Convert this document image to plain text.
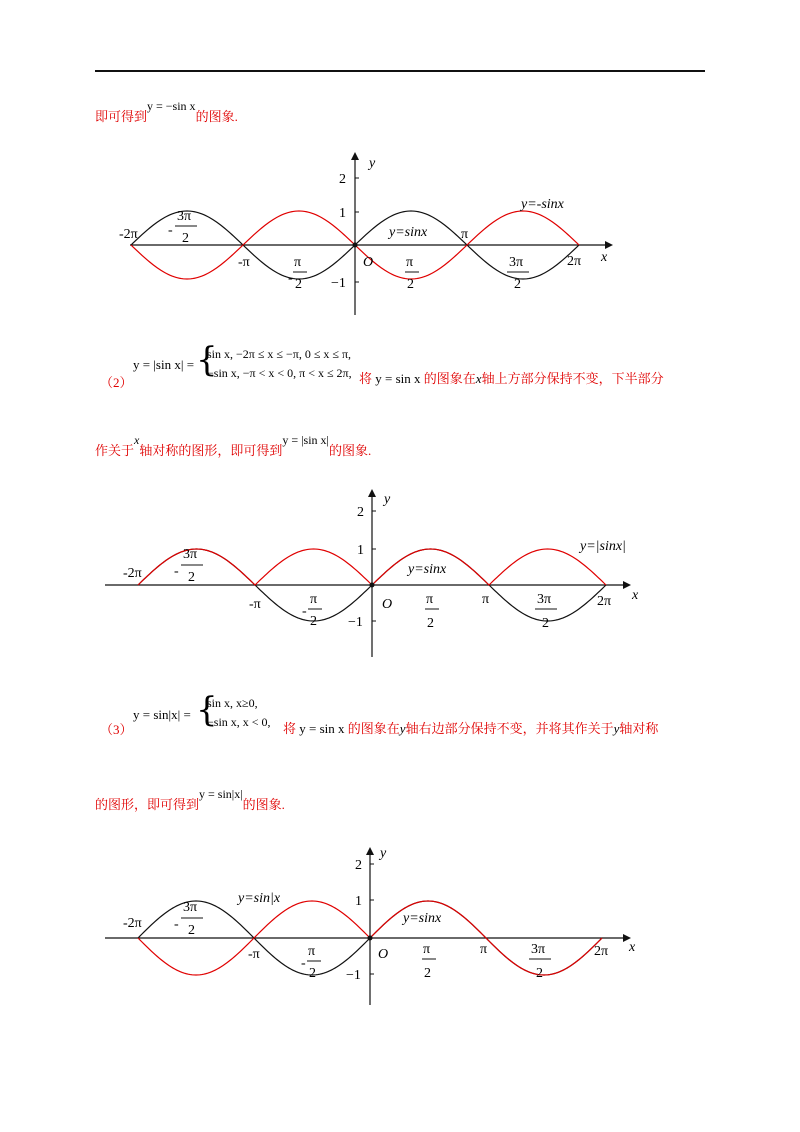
即可得到y = −sin x的图象.
y
x
O
2
1
−1
-2π
-π
π
2π
-
3π
2
-
π
2
π
2
3π
2
y=sinx
y=-sinx
（2）
y = |sin x| = {
sin x, −2π ≤ x ≤ −π, 0 ≤ x ≤ π,
−sin x, −π < x < 0, π < x ≤ 2π, 将 y = sin x 的图象在x轴上方部分保持不变，下半部分
作关于x轴对称的图形，即可得到y = |sin x|的图象.
y
x
O
2
1
−1
-2π
-π	π	2π
-
3π
2
-
π
2
π
2
3π
2
y=sinx
y=|sinx|
（3）
y = sin|x| = {
sin x, x≥0,
−sin x, x < 0, 将 y = sin x 的图象在y轴右边部分保持不变，并将其作关于y轴对称
的图形，即可得到y = sin|x|的图象.
y
x
O
2
1
−1
-2π
-π	π	2π
-
3π
2
-
π
2
π
2
3π
2
y=sinx
y=sin|x
